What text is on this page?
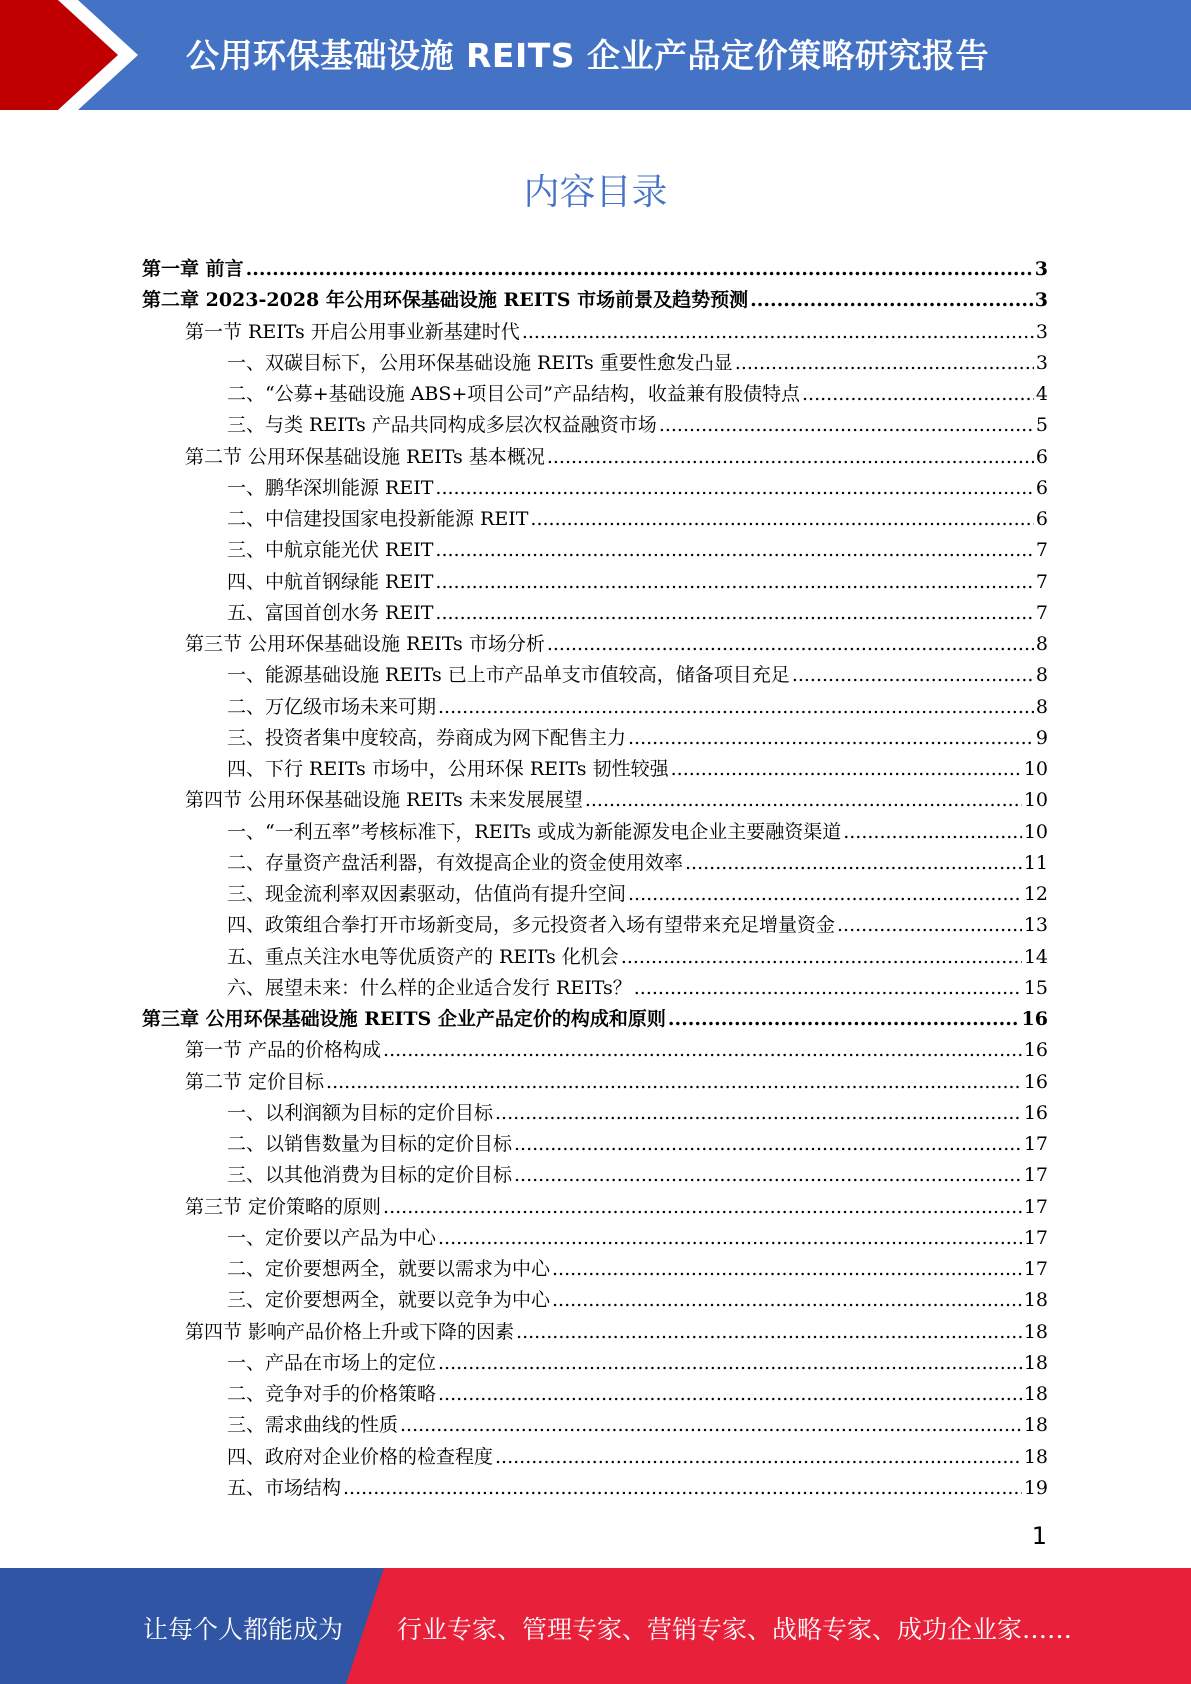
公用环保基础设施 REITS 企业产品定价策略研究报告
内容目录
第一章 前言 .....	3
第二章 2023-2028 年公用环保基础设施 REITS 市场前景及趋势预测 .....	3
第一节 REITs 开启公用事业新基建时代 .....	3
一、双碳目标下，公用环保基础设施 REITs 重要性愈发凸显 .....	3
二、“公募+基础设施 ABS+项目公司”产品结构，收益兼有股债特点 .....	4
三、与类 REITs 产品共同构成多层次权益融资市场 .....	5
第二节 公用环保基础设施 REITs 基本概况 .....	6
一、鹏华深圳能源 REIT .....	6
二、中信建投国家电投新能源 REIT .....	6
三、中航京能光伏 REIT .....	7
四、中航首钢绿能 REIT .....	7
五、富国首创水务 REIT .....	7
第三节 公用环保基础设施 REITs 市场分析 .....	8
一、能源基础设施 REITs 已上市产品单支市值较高，储备项目充足 .....	8
二、万亿级市场未来可期 .....	8
三、投资者集中度较高，券商成为网下配售主力 .....	9
四、下行 REITs 市场中，公用环保 REITs 韧性较强 .....	10
第四节 公用环保基础设施 REITs 未来发展展望 .....	10
一、“一利五率”考核标准下，REITs 或成为新能源发电企业主要融资渠道 .....	10
二、存量资产盘活利器，有效提高企业的资金使用效率 .....	11
三、现金流利率双因素驱动，估值尚有提升空间 .....	12
四、政策组合拳打开市场新变局，多元投资者入场有望带来充足增量资金 .....	13
五、重点关注水电等优质资产的 REITs 化机会 .....	14
六、展望未来：什么样的企业适合发行 REITs？ .....	15
第三章 公用环保基础设施 REITS 企业产品定价的构成和原则 .....	16
第一节 产品的价格构成 .....	16
第二节 定价目标 .....	16
一、以利润额为目标的定价目标 .....	16
二、以销售数量为目标的定价目标 .....	17
三、以其他消费为目标的定价目标 .....	17
第三节 定价策略的原则 .....	17
一、定价要以产品为中心 .....	17
二、定价要想两全，就要以需求为中心 .....	17
三、定价要想两全，就要以竞争为中心 .....	18
第四节 影响产品价格上升或下降的因素 .....	18
一、产品在市场上的定位 .....	18
二、竞争对手的价格策略 .....	18
三、需求曲线的性质 .....	18
四、政府对企业价格的检查程度 .....	18
五、市场结构 .....	19
1
让每个人都能成为 行业专家、管理专家、营销专家、战略专家、成功企业家……
